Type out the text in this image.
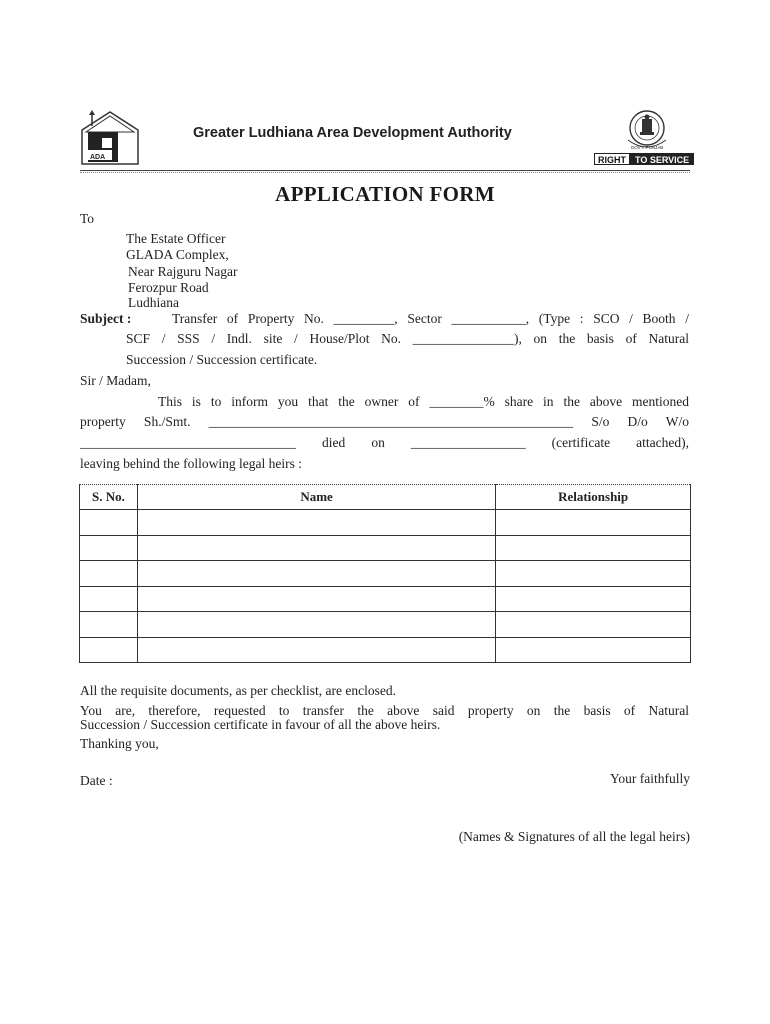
ADA
Greater Ludhiana Area Development Authority
GOVT. PUNJAB
RIGHT	TO SERVICE
APPLICATION FORM
To
The Estate Officer
GLADA Complex,
Near Rajguru Nagar
Ferozpur Road
Ludhiana
Subject :	Transfer of Property No. _________, Sector ___________, (Type : SCO / Booth /
SCF / SSS / Indl. site / House/Plot No. _______________), on the basis of Natural
Succession / Succession certificate.
Sir / Madam,
This is to inform you that the owner of ________% share in the above mentioned
property Sh./Smt. ______________________________________________________ S/o D/o W/o
________________________________ died on _________________ (certificate attached),
leaving behind the following legal heirs :
S. No.	Name	Relationship

All the requisite documents, as per checklist, are enclosed.
You are, therefore, requested to transfer the above said property on the basis of Natural
Succession / Succession certificate in favour of all the above heirs.
Thanking you,
Date :	Your faithfully
(Names & Signatures of all the legal heirs)
